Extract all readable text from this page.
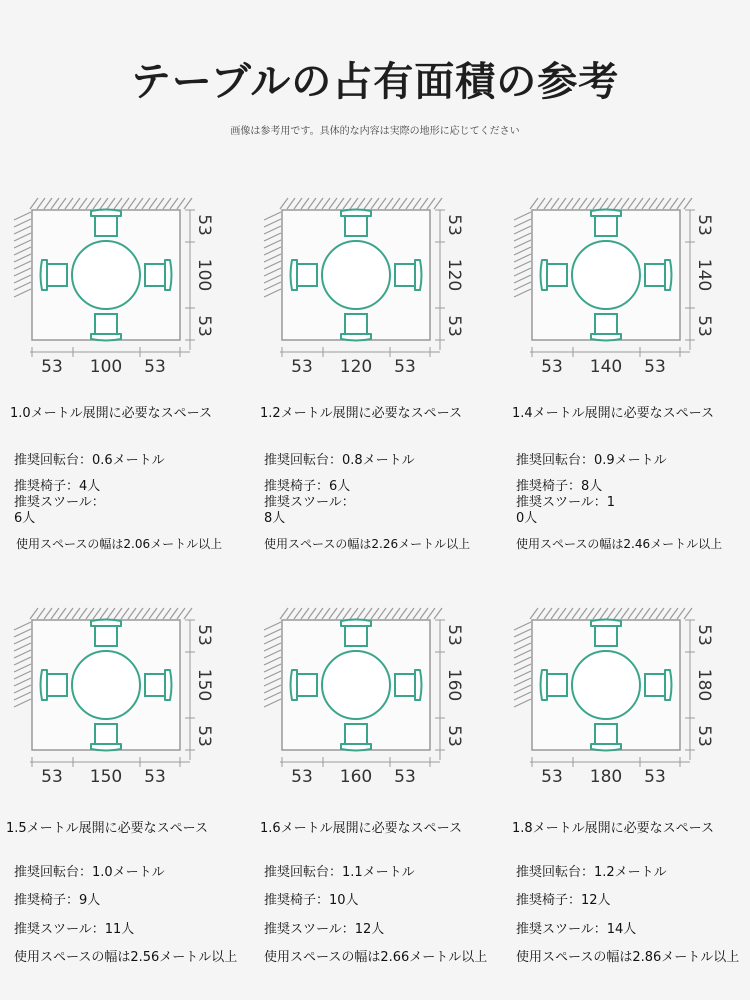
テーブルの占有面積の参考
画像は参考用です。具体的な内容は実際の地形に応じてください
53
100
53
53 100 53
1.0メートル展開に必要なスペース
推奨回転台：0.6メートル
推奨椅子：4人
推奨スツール：
6人
使用スペースの幅は2.06メートル以上
53
120
53
53 120 53
1.2メートル展開に必要なスペース
推奨回転台：0.8メートル
推奨椅子：6人
推奨スツール：
8人
使用スペースの幅は2.26メートル以上
53
140
53
53 140 53
1.4メートル展開に必要なスペース
推奨回転台：0.9メートル
推奨椅子：8人
推奨スツール：1
0人
使用スペースの幅は2.46メートル以上
53
150
53
53 150 53
1.5メートル展開に必要なスペース
推奨回転台：1.0メートル
推奨椅子：9人
推奨スツール：11人
使用スペースの幅は2.56メートル以上
53
160
53
53 160 53
1.6メートル展開に必要なスペース
推奨回転台：1.1メートル
推奨椅子：10人
推奨スツール：12人
使用スペースの幅は2.66メートル以上
53
180
53
53 180 53
1.8メートル展開に必要なスペース
推奨回転台：1.2メートル
推奨椅子：12人
推奨スツール：14人
使用スペースの幅は2.86メートル以上
